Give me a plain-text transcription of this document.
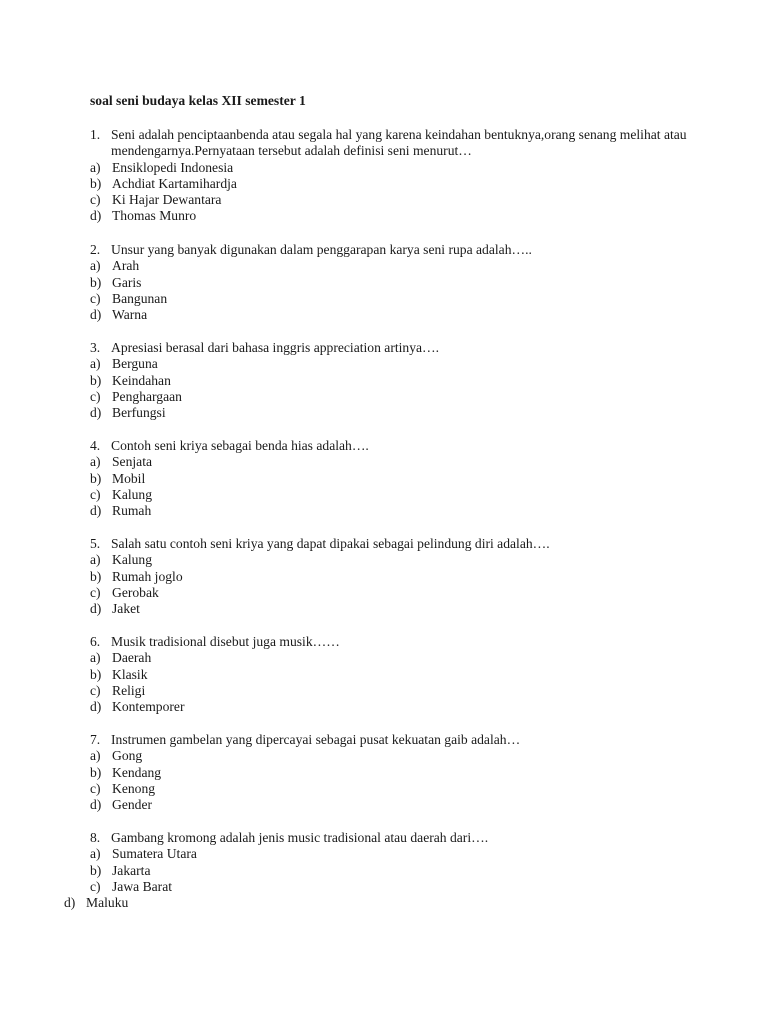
soal seni budaya kelas XII semester 1
1. Seni adalah penciptaanbenda atau segala hal yang karena keindahan bentuknya,orang senang melihat atau mendengarnya.Pernyataan tersebut adalah definisi seni menurut…
a) Ensiklopedi Indonesia
b) Achdiat Kartamihardja
c) Ki Hajar Dewantara
d) Thomas Munro
2. Unsur yang banyak digunakan dalam penggarapan karya seni rupa adalah…..
a) Arah
b) Garis
c) Bangunan
d) Warna
3. Apresiasi berasal dari bahasa inggris appreciation artinya….
a) Berguna
b) Keindahan
c) Penghargaan
d) Berfungsi
4. Contoh seni kriya sebagai benda hias adalah….
a) Senjata
b) Mobil
c) Kalung
d) Rumah
5. Salah satu contoh seni kriya yang dapat dipakai sebagai pelindung diri adalah….
a) Kalung
b) Rumah joglo
c) Gerobak
d) Jaket
6. Musik tradisional disebut juga musik……
a) Daerah
b) Klasik
c) Religi
d) Kontemporer
7. Instrumen gambelan yang dipercayai sebagai pusat kekuatan gaib adalah…
a) Gong
b) Kendang
c) Kenong
d) Gender
8. Gambang kromong adalah jenis music tradisional atau daerah dari….
a) Sumatera Utara
b) Jakarta
c) Jawa Barat
d) Maluku
